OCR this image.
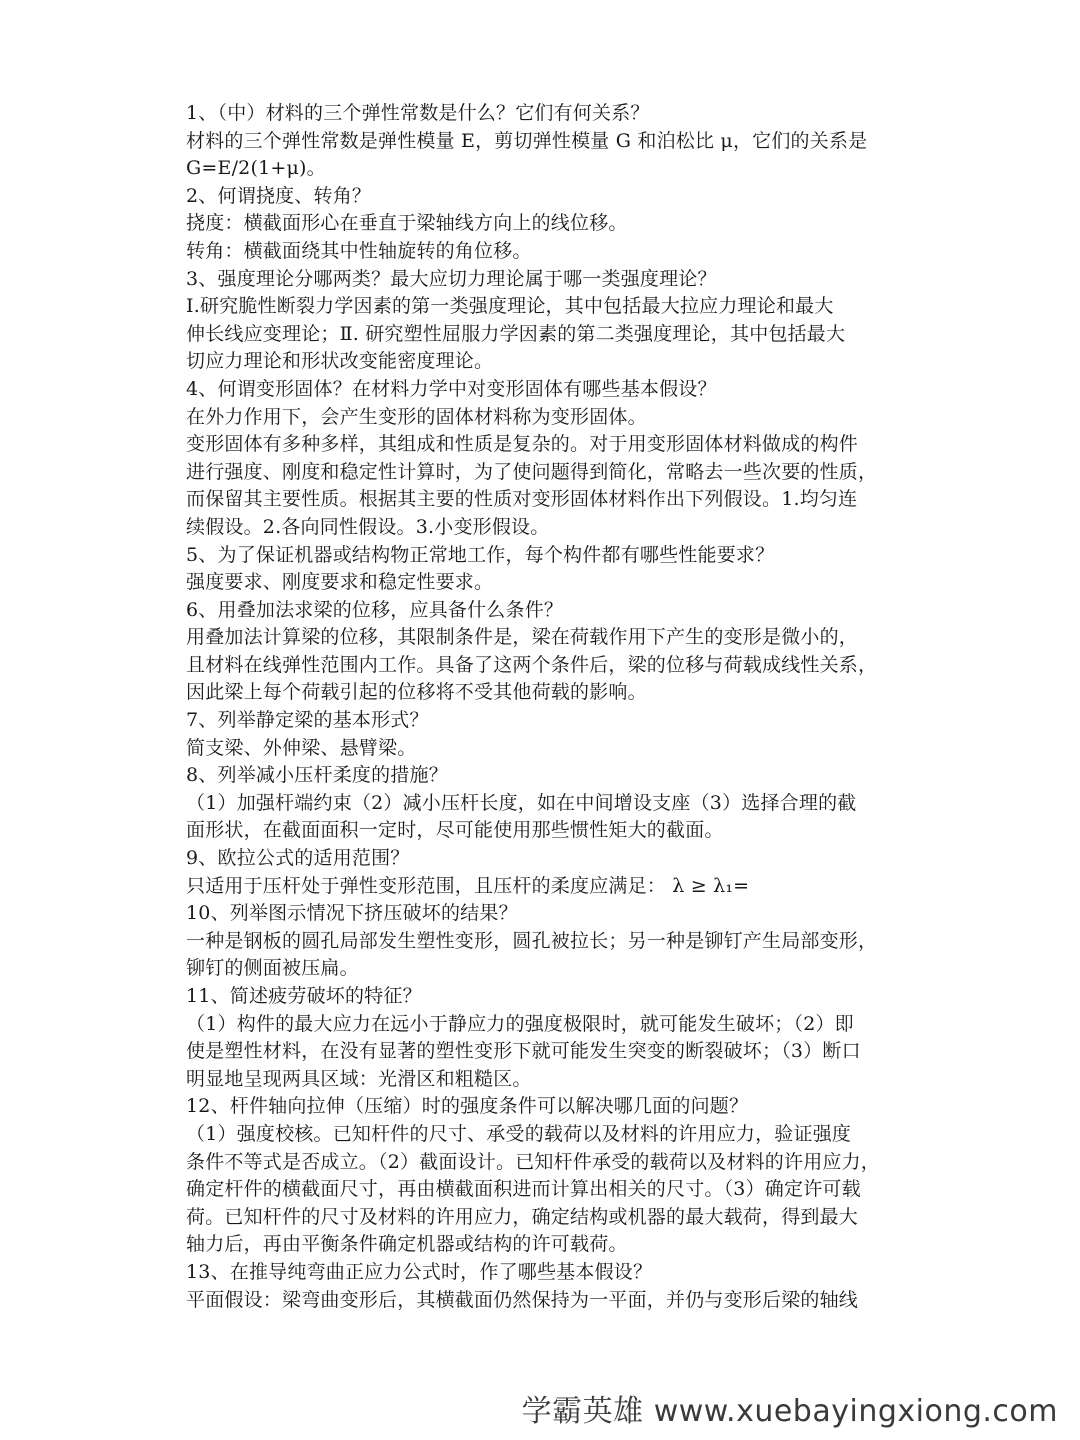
1、（中）材料的三个弹性常数是什么？它们有何关系？
材料的三个弹性常数是弹性模量 E，剪切弹性模量 G 和泊松比 μ，它们的关系是
G=E/2(1+μ)。
2、何谓挠度、转角？
挠度：横截面形心在垂直于梁轴线方向上的线位移。
转角：横截面绕其中性轴旋转的角位移。
3、强度理论分哪两类？最大应切力理论属于哪一类强度理论？
Ⅰ.研究脆性断裂力学因素的第一类强度理论，其中包括最大拉应力理论和最大
伸长线应变理论；Ⅱ. 研究塑性屈服力学因素的第二类强度理论，其中包括最大
切应力理论和形状改变能密度理论。
4、何谓变形固体？在材料力学中对变形固体有哪些基本假设？
在外力作用下，会产生变形的固体材料称为变形固体。
变形固体有多种多样，其组成和性质是复杂的。对于用变形固体材料做成的构件
进行强度、刚度和稳定性计算时，为了使问题得到简化，常略去一些次要的性质，
而保留其主要性质。根据其主要的性质对变形固体材料作出下列假设。1.均匀连
续假设。2.各向同性假设。3.小变形假设。
5、为了保证机器或结构物正常地工作，每个构件都有哪些性能要求？
强度要求、刚度要求和稳定性要求。
6、用叠加法求梁的位移，应具备什么条件？
用叠加法计算梁的位移，其限制条件是，梁在荷载作用下产生的变形是微小的，
且材料在线弹性范围内工作。具备了这两个条件后，梁的位移与荷载成线性关系，
因此梁上每个荷载引起的位移将不受其他荷载的影响。
7、列举静定梁的基本形式？
简支梁、外伸梁、悬臂梁。
8、列举减小压杆柔度的措施？
（1）加强杆端约束（2）减小压杆长度，如在中间增设支座（3）选择合理的截
面形状，在截面面积一定时，尽可能使用那些惯性矩大的截面。
9、欧拉公式的适用范围？
只适用于压杆处于弹性变形范围，且压杆的柔度应满足： λ ≥ λ₁=
10、列举图示情况下挤压破坏的结果？
一种是钢板的圆孔局部发生塑性变形，圆孔被拉长；另一种是铆钉产生局部变形，
铆钉的侧面被压扁。
11、简述疲劳破坏的特征？
（1）构件的最大应力在远小于静应力的强度极限时，就可能发生破坏；（2）即
使是塑性材料，在没有显著的塑性变形下就可能发生突变的断裂破坏；（3）断口
明显地呈现两具区域：光滑区和粗糙区。
12、杆件轴向拉伸（压缩）时的强度条件可以解决哪几面的问题？
（1）强度校核。已知杆件的尺寸、承受的载荷以及材料的许用应力，验证强度
条件不等式是否成立。（2）截面设计。已知杆件承受的载荷以及材料的许用应力，
确定杆件的横截面尺寸，再由横截面积进而计算出相关的尺寸。（3）确定许可载
荷。已知杆件的尺寸及材料的许用应力，确定结构或机器的最大载荷，得到最大
轴力后，再由平衡条件确定机器或结构的许可载荷。
13、在推导纯弯曲正应力公式时，作了哪些基本假设？
平面假设：梁弯曲变形后，其横截面仍然保持为一平面，并仍与变形后梁的轴线
学霸英雄 www.xuebayingxiong.com
